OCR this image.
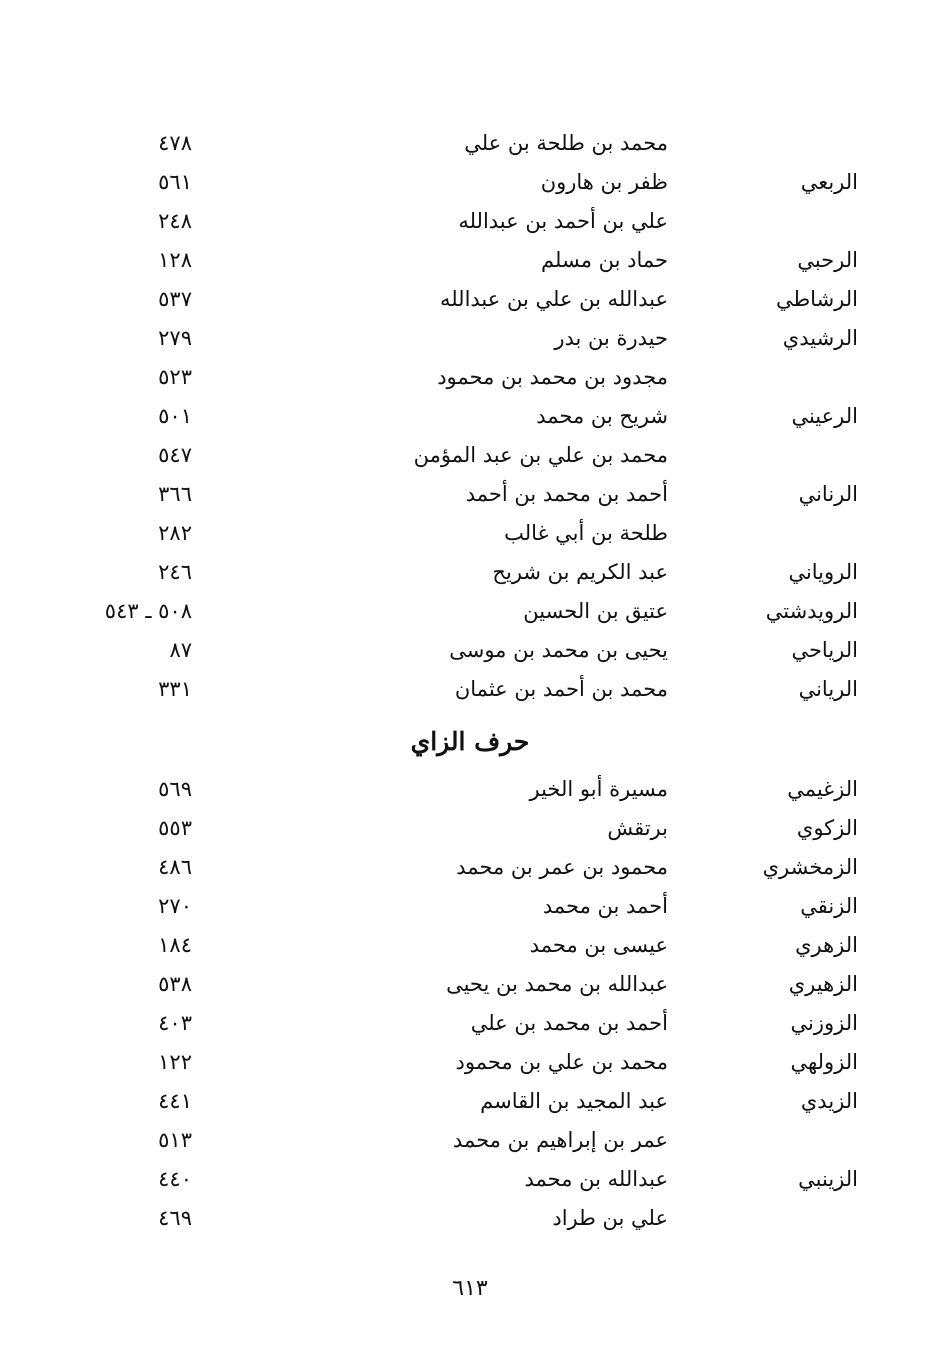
محمد بن طلحة بن علي
٤٧٨
الربعي
ظفر بن هارون
٥٦١
علي بن أحمد بن عبدالله
٢٤٨
الرحبي
حماد بن مسلم
١٢٨
الرشاطي
عبدالله بن علي بن عبدالله
٥٣٧
الرشيدي
حيدرة بن بدر
٢٧٩
مجدود بن محمد بن محمود
٥٢٣
الرعيني
شريح بن محمد
٥٠١
محمد بن علي بن عبد المؤمن
٥٤٧
الرناني
أحمد بن محمد بن أحمد
٣٦٦
طلحة بن أبي غالب
٢٨٢
الروياني
عبد الكريم بن شريح
٢٤٦
الرويدشتي
عتيق بن الحسين
٥٠٨ ـ ٥٤٣
الرياحي
يحيى بن محمد بن موسى
٨٧
الرياني
محمد بن أحمد بن عثمان
٣٣١
حرف الزاي
الزغيمي
مسيرة أبو الخير
٥٦٩
الزكوي
برتقش
٥٥٣
الزمخشري
محمود بن عمر بن محمد
٤٨٦
الزنقي
أحمد بن محمد
٢٧٠
الزهري
عيسى بن محمد
١٨٤
الزهيري
عبدالله بن محمد بن يحيى
٥٣٨
الزوزني
أحمد بن محمد بن علي
٤٠٣
الزولهي
محمد بن علي بن محمود
١٢٢
الزيدي
عبد المجيد بن القاسم
٤٤١
عمر بن إبراهيم بن محمد
٥١٣
الزينبي
عبدالله بن محمد
٤٤٠
علي بن طراد
٤٦٩
٦١٣
